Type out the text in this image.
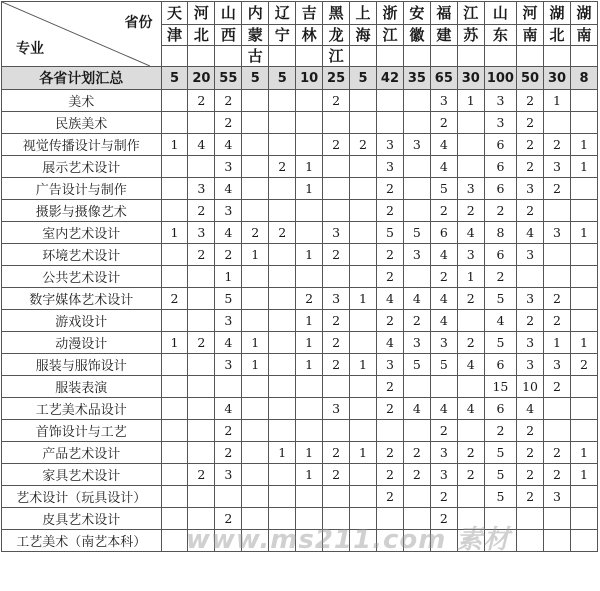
省份
专业	天	河	山	内	辽	吉	黑	上	浙	安	福	江	山	河	湖	湖
	津	北	西	蒙	宁	林	龙	海	江	徽	建	苏	东	南	北	南
				古			江									
各省计划汇总	5	20	55	5	5	10	25	5	42	35	65	30	100	50	30	8
美术		2	2				2				3	1	3	2	1	
民族美术			2								2		3	2		
视觉传播设计与制作	1	4	4				2	2	3	3	4		6	2	2	1
展示艺术设计			3		2	1			3		4		6	2	3	1
广告设计与制作		3	4			1			2		5	3	6	3	2	
摄影与摄像艺术		2	3						2		2	2	2	2		
室内艺术设计	1	3	4	2	2		3		5	5	6	4	8	4	3	1
环境艺术设计		2	2	1		1	2		2	3	4	3	6	3		
公共艺术设计			1						2		2	1	2			
数字媒体艺术设计	2		5			2	3	1	4	4	4	2	5	3	2	
游戏设计			3			1	2		2	2	4		4	2	2	
动漫设计	1	2	4	1		1	2		4	3	3	2	5	3	1	1
服装与服饰设计			3	1		1	2	1	3	5	5	4	6	3	3	2
服装表演									2				15	10	2	
工艺美术品设计			4				3		2	4	4	4	6	4		
首饰设计与工艺			2								2		2	2		
产品艺术设计			2		1	1	2	1	2	2	3	2	5	2	2	1
家具艺术设计		2	3			1	2		2	2	3	2	5	2	2	1
艺术设计（玩具设计）									2		2		5	2	3	
皮具艺术设计			2								2					
工艺美术（南艺本科）																www.ms211.com 素材
